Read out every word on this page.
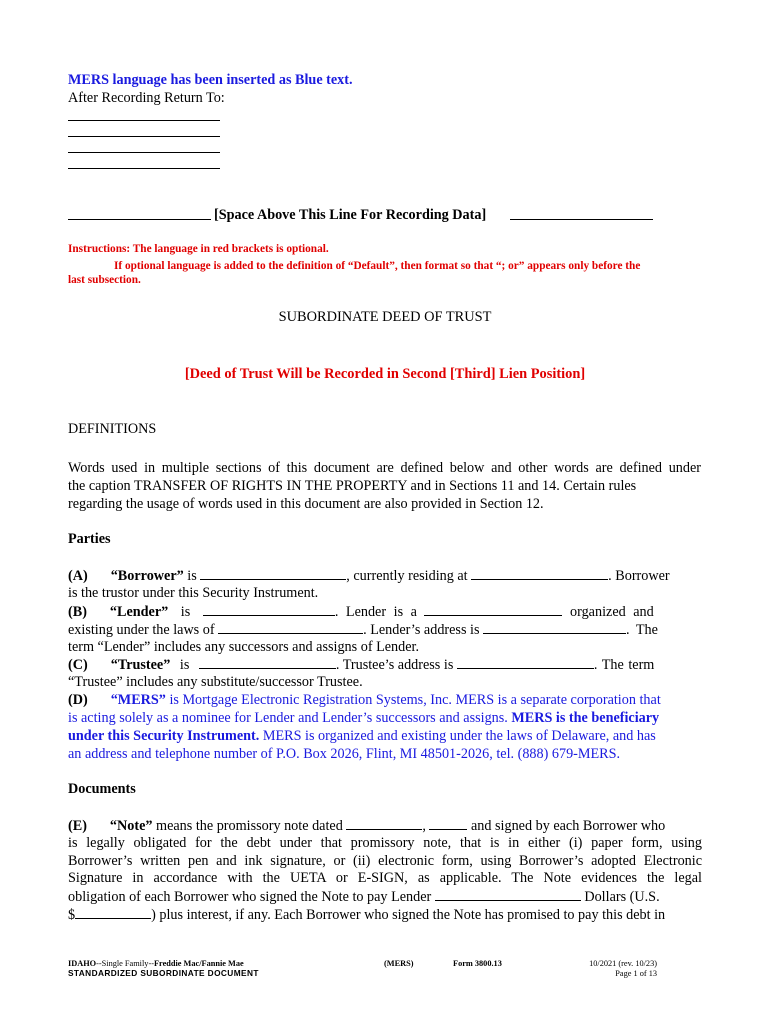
MERS language has been inserted as Blue text.
After Recording Return To:
[Space Above This Line For Recording Data]
Instructions: The language in red brackets is optional.
If optional language is added to the definition of “Default”, then format so that “; or” appears only before the
last subsection.
SUBORDINATE DEED OF TRUST
[Deed of Trust Will be Recorded in Second [Third] Lien Position]
DEFINITIONS
Words used in multiple sections of this document are defined below and other words are defined under
the caption TRANSFER OF RIGHTS IN THE PROPERTY and in Sections 11 and 14. Certain rules
regarding the usage of words used in this document are also provided in Section 12.
Parties
(A) “Borrower” is	, currently residing at	. Borrower
is the trustor under this Security Instrument.
(B) “Lender” is	. Lender is a	organized and
existing under the laws of	. Lender’s address is	. The
term “Lender” includes any successors and assigns of Lender.
(C) “Trustee” is	. Trustee’s address is	. The term
“Trustee” includes any substitute/successor Trustee.
(D) “MERS” is Mortgage Electronic Registration Systems, Inc. MERS is a separate corporation that
is acting solely as a nominee for Lender and Lender’s successors and assigns. MERS is the beneficiary
under this Security Instrument. MERS is organized and existing under the laws of Delaware, and has
an address and telephone number of P.O. Box 2026, Flint, MI 48501-2026, tel. (888) 679-MERS.
Documents
(E) “Note” means the promissory note dated	,	and signed by each Borrower who
is legally obligated for the debt under that promissory note, that is in either (i) paper form, using
Borrower’s written pen and ink signature, or (ii) electronic form, using Borrower’s adopted Electronic
Signature in accordance with the UETA or E-SIGN, as applicable. The Note evidences the legal
obligation of each Borrower who signed the Note to pay Lender	Dollars (U.S.
$	) plus interest, if any. Each Borrower who signed the Note has promised to pay this debt in
IDAHO--Single Family--Freddie Mac/Fannie Mae
STANDARDIZED SUBORDINATE DOCUMENT
(MERS)	Form 3800.13	10/2021 (rev. 10/23)
Page 1 of 13
